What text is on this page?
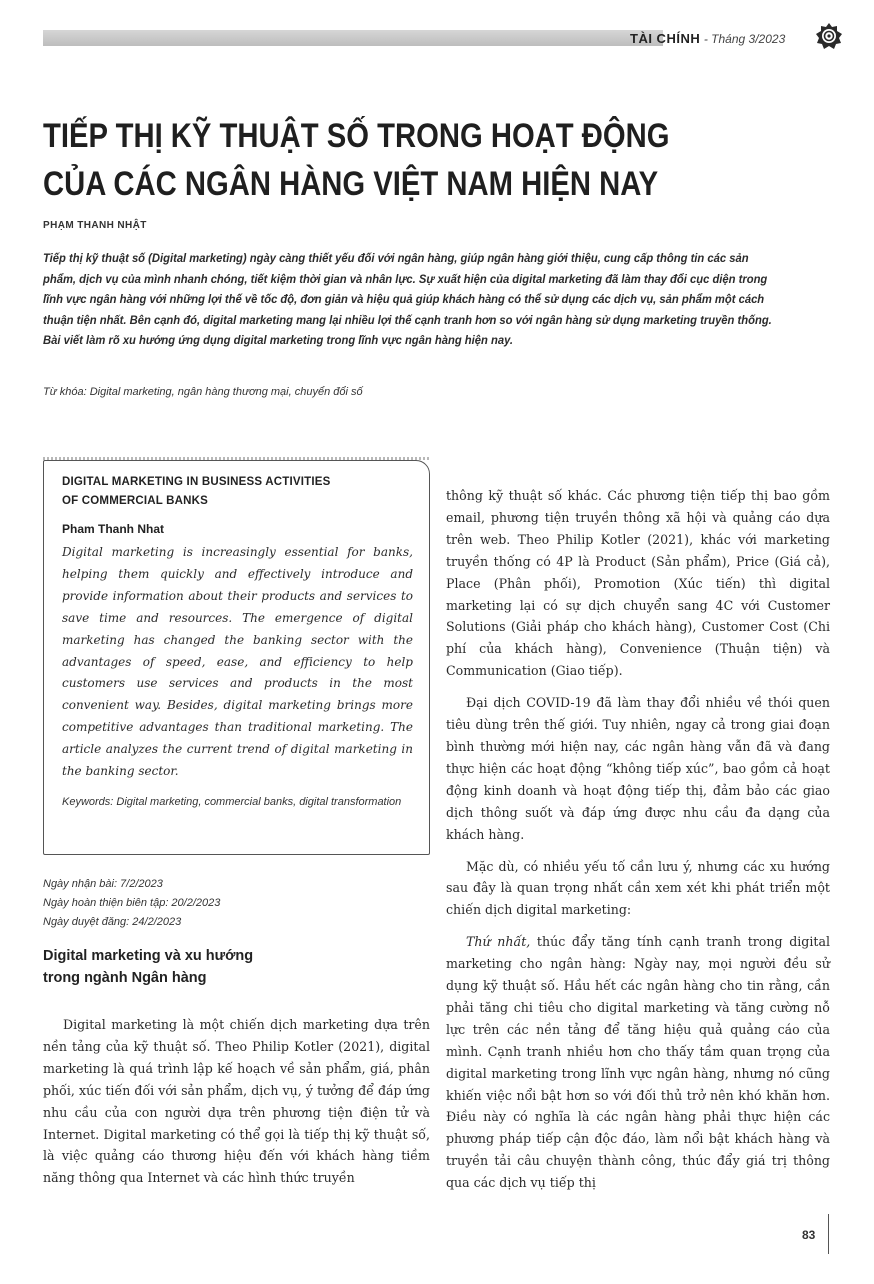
TÀI CHÍNH - Tháng 3/2023
TIẾP THỊ KỸ THUẬT SỐ TRONG HOẠT ĐỘNG
CỦA CÁC NGÂN HÀNG VIỆT NAM HIỆN NAY
PHẠM THANH NHẬT

Tiếp thị kỹ thuật số (Digital marketing) ngày càng thiết yếu đối với ngân hàng, giúp ngân hàng giới thiệu, cung cấp thông tin các sản phẩm, dịch vụ của mình nhanh chóng, tiết kiệm thời gian và nhân lực. Sự xuất hiện của digital marketing đã làm thay đổi cục diện trong lĩnh vực ngân hàng với những lợi thế về tốc độ, đơn giản và hiệu quả giúp khách hàng có thể sử dụng các dịch vụ, sản phẩm một cách thuận tiện nhất. Bên cạnh đó, digital marketing mang lại nhiều lợi thế cạnh tranh hơn so với ngân hàng sử dụng marketing truyền thống. Bài viết làm rõ xu hướng ứng dụng digital marketing trong lĩnh vực ngân hàng hiện nay.

Từ khóa: Digital marketing, ngân hàng thương mại, chuyển đổi số

DIGITAL MARKETING IN BUSINESS ACTIVITIES
OF COMMERCIAL BANKS

Pham Thanh Nhat

Digital marketing is increasingly essential for banks, helping them quickly and effectively introduce and provide information about their products and services to save time and resources. The emergence of digital marketing has changed the banking sector with the advantages of speed, ease, and efficiency to help customers use services and products in the most convenient way. Besides, digital marketing brings more competitive advantages than traditional marketing. The article analyzes the current trend of digital marketing in the banking sector.

Keywords: Digital marketing, commercial banks, digital transformation

Ngày nhận bài: 7/2/2023
Ngày hoàn thiện biên tập: 20/2/2023
Ngày duyệt đăng: 24/2/2023
Digital marketing và xu hướng
trong ngành Ngân hàng

Digital marketing là một chiến dịch marketing dựa trên nền tảng của kỹ thuật số. Theo Philip Kotler (2021), digital marketing là quá trình lập kế hoạch về sản phẩm, giá, phân phối, xúc tiến đối với sản phẩm, dịch vụ, ý tưởng để đáp ứng nhu cầu của con người dựa trên phương tiện điện tử và Internet. Digital marketing có thể gọi là tiếp thị kỹ thuật số, là việc quảng cáo thương hiệu đến với khách hàng tiềm năng thông qua Internet và các hình thức truyền

thông kỹ thuật số khác. Các phương tiện tiếp thị bao gồm email, phương tiện truyền thông xã hội và quảng cáo dựa trên web. Theo Philip Kotler (2021), khác với marketing truyền thống có 4P là Product (Sản phẩm), Price (Giá cả), Place (Phân phối), Promotion (Xúc tiến) thì digital marketing lại có sự dịch chuyển sang 4C với Customer Solutions (Giải pháp cho khách hàng), Customer Cost (Chi phí của khách hàng), Convenience (Thuận tiện) và Communication (Giao tiếp).

Đại dịch COVID-19 đã làm thay đổi nhiều về thói quen tiêu dùng trên thế giới. Tuy nhiên, ngay cả trong giai đoạn bình thường mới hiện nay, các ngân hàng vẫn đã và đang thực hiện các hoạt động “không tiếp xúc”, bao gồm cả hoạt động kinh doanh và hoạt động tiếp thị, đảm bảo các giao dịch thông suốt và đáp ứng được nhu cầu đa dạng của khách hàng.

Mặc dù, có nhiều yếu tố cần lưu ý, nhưng các xu hướng sau đây là quan trọng nhất cần xem xét khi phát triển một chiến dịch digital marketing:

Thứ nhất, thúc đẩy tăng tính cạnh tranh trong digital marketing cho ngân hàng: Ngày nay, mọi người đều sử dụng kỹ thuật số. Hầu hết các ngân hàng cho tin rằng, cần phải tăng chi tiêu cho digital marketing và tăng cường nỗ lực trên các nền tảng để tăng hiệu quả quảng cáo của mình. Cạnh tranh nhiều hơn cho thấy tầm quan trọng của digital marketing trong lĩnh vực ngân hàng, nhưng nó cũng khiến việc nổi bật hơn so với đối thủ trở nên khó khăn hơn. Điều này có nghĩa là các ngân hàng phải thực hiện các phương pháp tiếp cận độc đáo, làm nổi bật khách hàng và truyền tải câu chuyện thành công, thúc đẩy giá trị thông qua các dịch vụ tiếp thị

83
